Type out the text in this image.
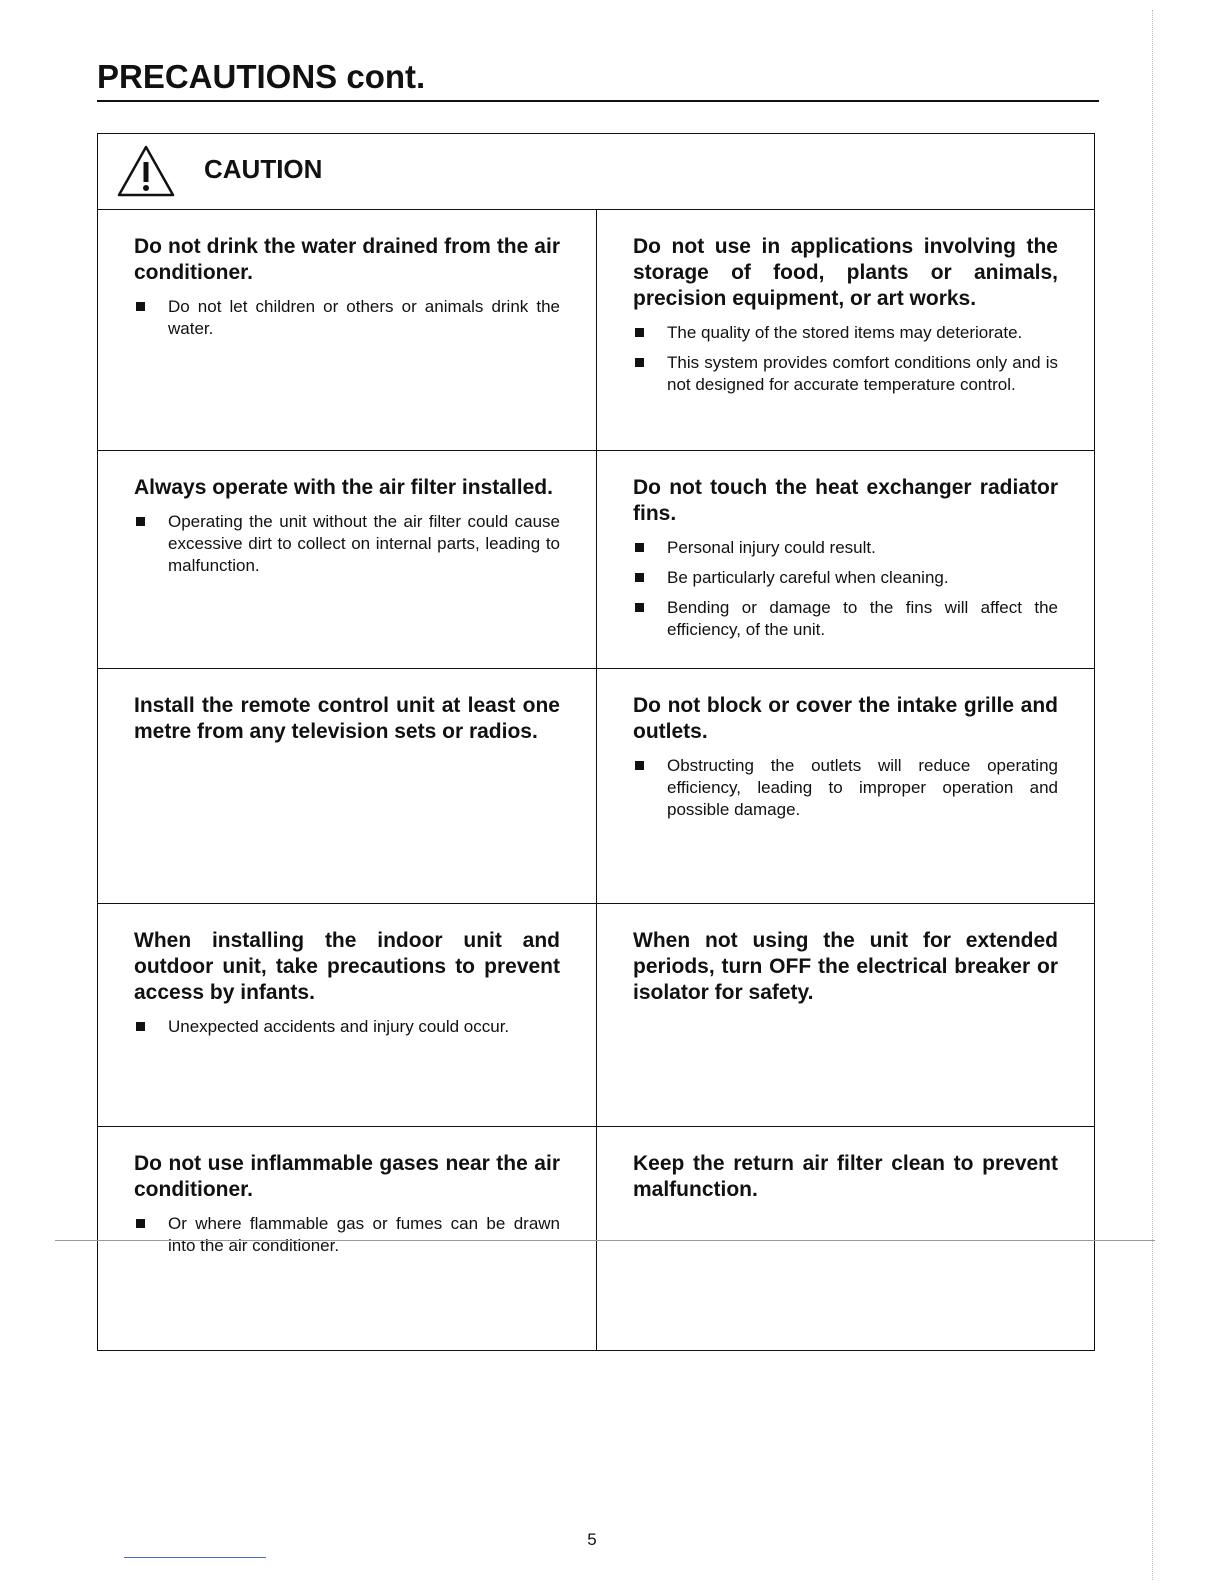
PRECAUTIONS cont.
CAUTION
Do not drink the water drained from the air conditioner.
Do not let children or others or animals drink the water.
Do not use in applications involving the storage of food, plants or animals, precision equipment, or art works.
The quality of the stored items may deteriorate.
This system provides comfort conditions only and is not designed for accurate temperature control.
Always operate with the air filter installed.
Operating the unit without the air filter could cause excessive dirt to collect on internal parts, leading to malfunction.
Do not touch the heat exchanger radiator fins.
Personal injury could result.
Be particularly careful when cleaning.
Bending or damage to the fins will affect the efficiency, of the unit.
Install the remote control unit at least one metre from any television sets or radios.
Do not block or cover the intake grille and outlets.
Obstructing the outlets will reduce operating efficiency, leading to improper operation and possible damage.
When installing the indoor unit and outdoor unit, take precautions to prevent access by infants.
Unexpected accidents and injury could occur.
When not using the unit for extended periods, turn OFF the electrical breaker or isolator for safety.
Do not use inflammable gases near the air conditioner.
Or where flammable gas or fumes can be drawn into the air conditioner.
Keep the return air filter clean to prevent malfunction.
5
